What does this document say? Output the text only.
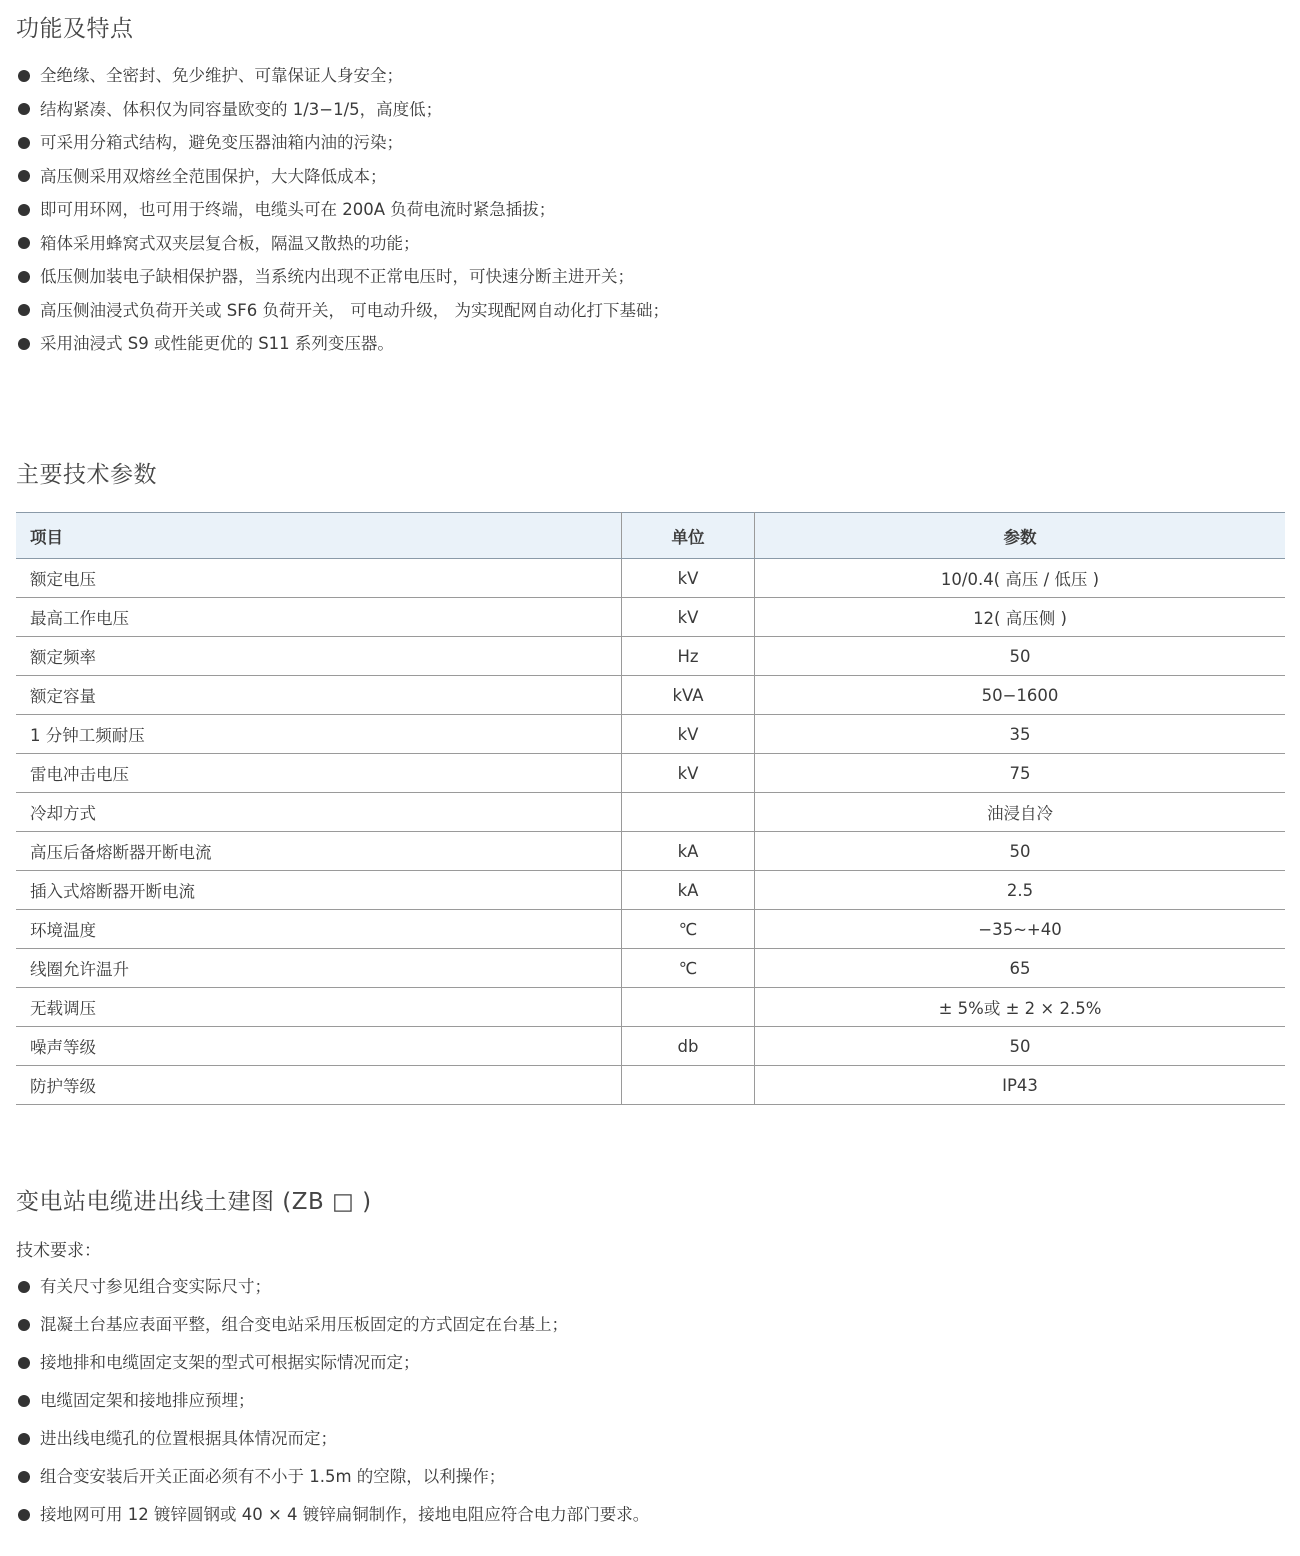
功能及特点
全绝缘、全密封、免少维护、可靠保证人身安全；
结构紧凑、体积仅为同容量欧变的 1/3−1/5，高度低；
可采用分箱式结构，避免变压器油箱内油的污染；
高压侧采用双熔丝全范围保护，大大降低成本；
即可用环网，也可用于终端，电缆头可在 200A 负荷电流时紧急插拔；
箱体采用蜂窝式双夹层复合板，隔温又散热的功能；
低压侧加装电子缺相保护器，当系统内出现不正常电压时，可快速分断主进开关；
高压侧油浸式负荷开关或 SF6 负荷开关， 可电动升级， 为实现配网自动化打下基础；
采用油浸式 S9 或性能更优的 S11 系列变压器。
主要技术参数
项目	单位	参数
额定电压	kV	10/0.4( 高压 / 低压 )
最高工作电压	kV	12( 高压侧 )
额定频率	Hz	50
额定容量	kVA	50−1600
1 分钟工频耐压	kV	35
雷电冲击电压	kV	75
冷却方式		油浸自冷
高压后备熔断器开断电流	kA	50
插入式熔断器开断电流	kA	2.5
环境温度	℃	−35~+40
线圈允许温升	℃	65
无载调压		± 5%或 ± 2 × 2.5%
噪声等级	db	50
防护等级		IP43
变电站电缆进出线土建图 (ZB □ )
技术要求：
有关尺寸参见组合变实际尺寸；
混凝土台基应表面平整，组合变电站采用压板固定的方式固定在台基上；
接地排和电缆固定支架的型式可根据实际情况而定；
电缆固定架和接地排应预埋；
进出线电缆孔的位置根据具体情况而定；
组合变安装后开关正面必须有不小于 1.5m 的空隙，以利操作；
接地网可用 12 镀锌圆钢或 40 × 4 镀锌扁铜制作，接地电阻应符合电力部门要求。
